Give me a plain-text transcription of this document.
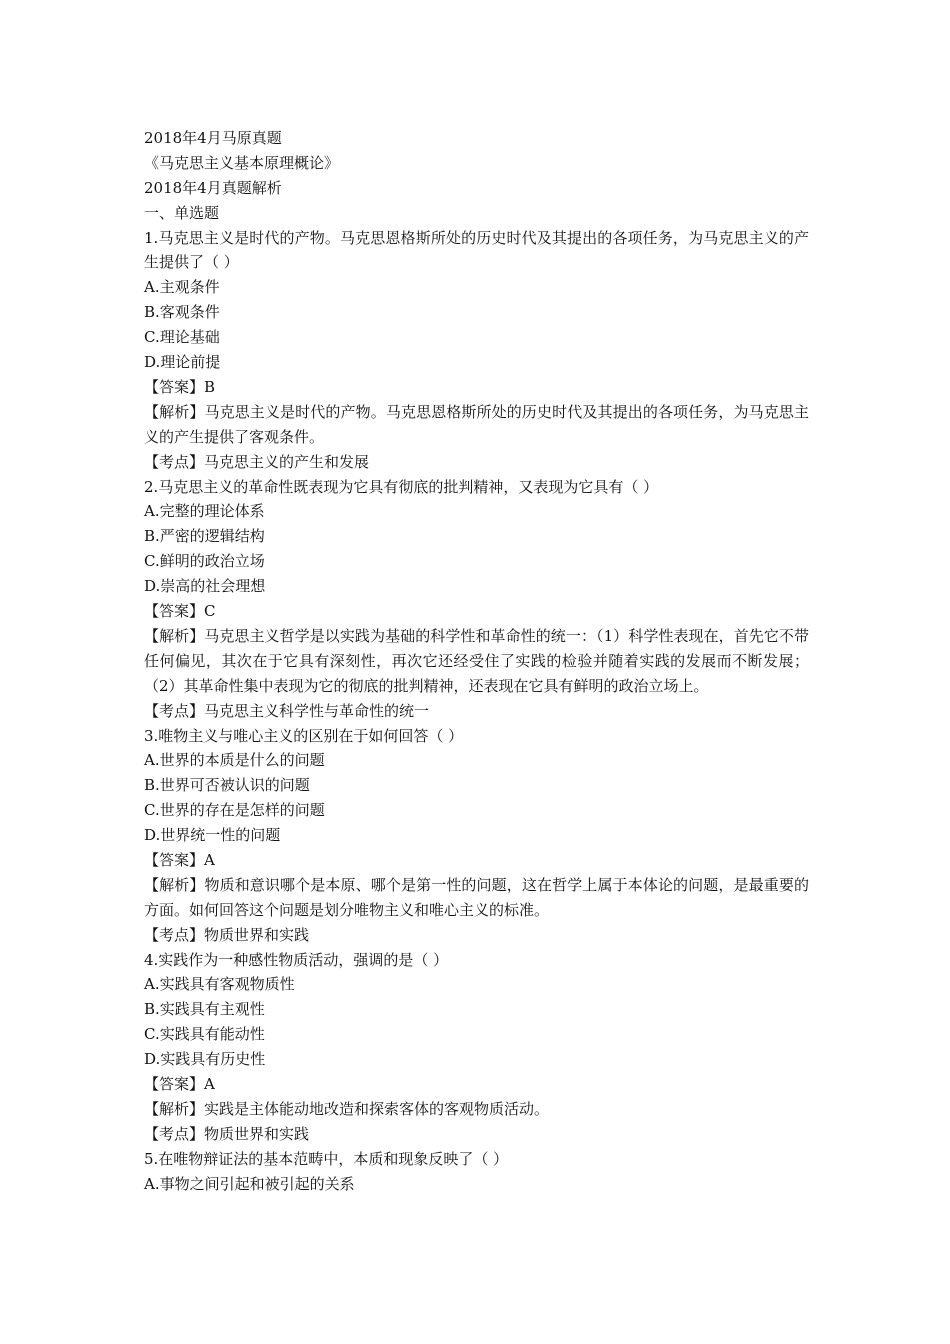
2018年4月马原真题
《马克思主义基本原理概论》
2018年4月真题解析
一、单选题
1.马克思主义是时代的产物。马克思恩格斯所处的历史时代及其提出的各项任务，为马克思主义的产生提供了（ ）
A.主观条件
B.客观条件
C.理论基础
D.理论前提
【答案】B
【解析】马克思主义是时代的产物。马克思恩格斯所处的历史时代及其提出的各项任务，为马克思主义的产生提供了客观条件。
【考点】马克思主义的产生和发展
2.马克思主义的革命性既表现为它具有彻底的批判精神，又表现为它具有（ ）
A.完整的理论体系
B.严密的逻辑结构
C.鲜明的政治立场
D.崇高的社会理想
【答案】C
【解析】马克思主义哲学是以实践为基础的科学性和革命性的统一：（1）科学性表现在，首先它不带任何偏见，其次在于它具有深刻性，再次它还经受住了实践的检验并随着实践的发展而不断发展；（2）其革命性集中表现为它的彻底的批判精神，还表现在它具有鲜明的政治立场上。
【考点】马克思主义科学性与革命性的统一
3.唯物主义与唯心主义的区别在于如何回答（ ）
A.世界的本质是什么的问题
B.世界可否被认识的问题
C.世界的存在是怎样的问题
D.世界统一性的问题
【答案】A
【解析】物质和意识哪个是本原、哪个是第一性的问题，这在哲学上属于本体论的问题，是最重要的方面。如何回答这个问题是划分唯物主义和唯心主义的标准。
【考点】物质世界和实践
4.实践作为一种感性物质活动，强调的是（ ）
A.实践具有客观物质性
B.实践具有主观性
C.实践具有能动性
D.实践具有历史性
【答案】A
【解析】实践是主体能动地改造和探索客体的客观物质活动。
【考点】物质世界和实践
5.在唯物辩证法的基本范畴中，本质和现象反映了（ ）
A.事物之间引起和被引起的关系
